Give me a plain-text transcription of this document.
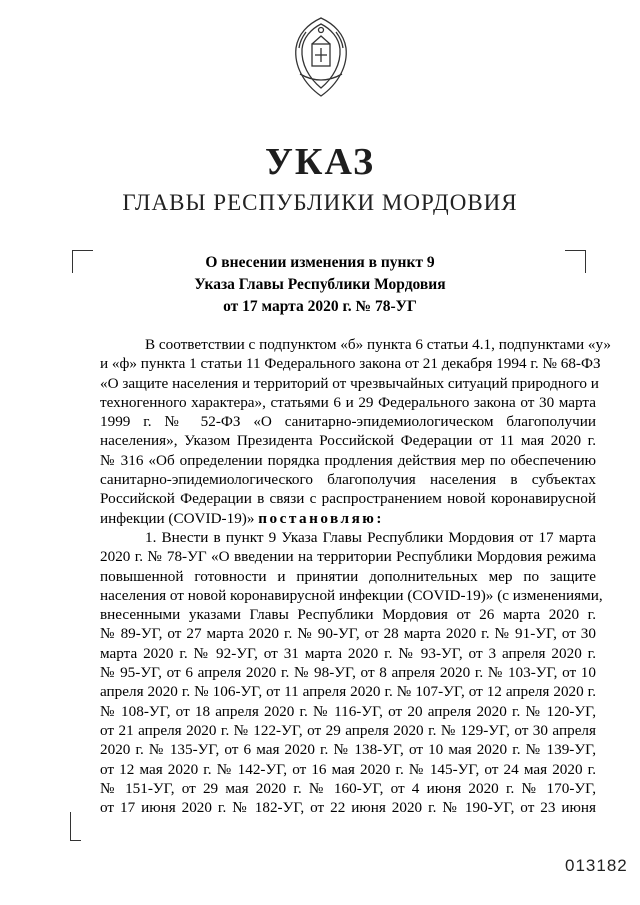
УКАЗ
ГЛАВЫ РЕСПУБЛИКИ МОРДОВИЯ
О внесении изменения в пункт 9
Указа Главы Республики Мордовия
от 17 марта 2020 г. № 78-УГ
В соответствии с подпунктом «б» пункта 6 статьи 4.1, подпунктами «у»
и «ф» пункта 1 статьи 11 Федерального закона от 21 декабря 1994 г. № 68-ФЗ
«О защите населения и территорий от чрезвычайных ситуаций природного и
техногенного характера», статьями 6 и 29 Федерального закона от 30 марта
1999 г. № 52-ФЗ «О санитарно-эпидемиологическом благополучии
населения», Указом Президента Российской Федерации от 11 мая 2020 г.
№ 316 «Об определении порядка продления действия мер по обеспечению
санитарно-эпидемиологического благополучия населения в субъектах
Российской Федерации в связи с распространением новой коронавирусной
инфекции (COVID-19)» постановляю:
1. Внести в пункт 9 Указа Главы Республики Мордовия от 17 марта
2020 г. № 78-УГ «О введении на территории Республики Мордовия режима
повышенной готовности и принятии дополнительных мер по защите
населения от новой коронавирусной инфекции (COVID-19)» (с изменениями,
внесенными указами Главы Республики Мордовия от 26 марта 2020 г.
№ 89-УГ, от 27 марта 2020 г. № 90-УГ, от 28 марта 2020 г. № 91-УГ, от 30
марта 2020 г. № 92-УГ, от 31 марта 2020 г. № 93-УГ, от 3 апреля 2020 г.
№ 95-УГ, от 6 апреля 2020 г. № 98-УГ, от 8 апреля 2020 г. № 103-УГ, от 10
апреля 2020 г. № 106-УГ, от 11 апреля 2020 г. № 107-УГ, от 12 апреля 2020 г.
№ 108-УГ, от 18 апреля 2020 г. № 116-УГ, от 20 апреля 2020 г. № 120-УГ,
от 21 апреля 2020 г. № 122-УГ, от 29 апреля 2020 г. № 129-УГ, от 30 апреля
2020 г. № 135-УГ, от 6 мая 2020 г. № 138-УГ, от 10 мая 2020 г. № 139-УГ,
от 12 мая 2020 г. № 142-УГ, от 16 мая 2020 г. № 145-УГ, от 24 мая 2020 г.
№ 151-УГ, от 29 мая 2020 г. № 160-УГ, от 4 июня 2020 г. № 170-УГ,
от 17 июня 2020 г. № 182-УГ, от 22 июня 2020 г. № 190-УГ, от 23 июня
013182
